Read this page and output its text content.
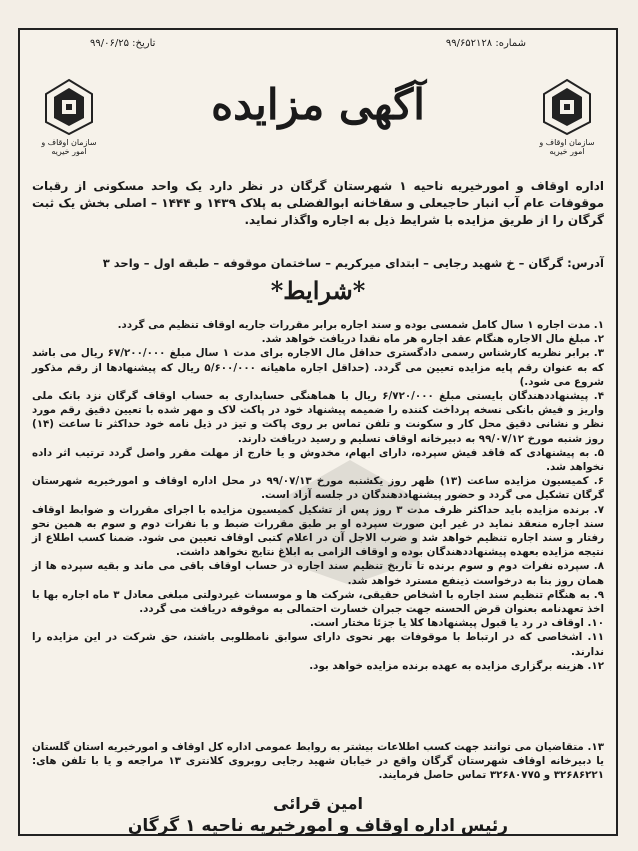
شماره: ۹۹/۶۵۲۱۲۸
تاریخ: ۹۹/۰۶/۲۵
سازمان اوقاف و امور خیریه
سازمان اوقاف و امور خیریه
آگهی مزایده
اداره اوقاف و امورخیریه ناحیه ۱ شهرستان گرگان در نظر دارد یک واحد مسکونی از رقبات موقوفات عام آب انبار حاجیعلی و سقاخانه ابوالفضلی به پلاک ۱۴۳۹ و ۱۴۴۴ – اصلی بخش یک ثبت گرگان را از طریق مزایده با شرایط ذیل به اجاره واگذار نماید.
آدرس: گرگان – خ شهید رجایی – ابتدای میرکریم – ساختمان موقوفه – طبقه اول – واحد ۳
*شرایط*

۱. مدت اجاره ۱ سال کامل شمسی بوده و سند اجاره برابر مقررات جاریه اوقاف تنظیم می گردد.

۲. مبلغ مال الاجاره هنگام عقد اجاره هر ماه نقدا دریافت خواهد شد.

۳. برابر نظریه کارشناس رسمی دادگستری حداقل مال الاجاره برای مدت ۱ سال مبلغ ۶۷/۲۰۰/۰۰۰ ریال می باشد که به عنوان رقم پایه مزایده تعیین می گردد. (حداقل اجاره ماهیانه ۵/۶۰۰/۰۰۰ ریال که پیشنهادها از رقم مذکور شروع می شود.)

۴. پیشنهاددهندگان بایستی مبلغ ۶/۷۲۰/۰۰۰ ریال با هماهنگی حسابداری به حساب اوقاف گرگان نزد بانک ملی واریز و فیش بانکی نسخه پرداخت کننده را ضمیمه پیشنهاد خود در پاکت لاک و مهر شده با تعیین دقیق رقم مورد نظر و نشانی دقیق محل کار و سکونت و تلفن تماس بر روی پاکت و تیز در ذیل نامه خود حداکثر تا ساعت (۱۴) روز شنبه مورخ ۹۹/۰۷/۱۲ به دبیرخانه اوقاف تسلیم و رسید دریافت دارند.

۵. به پیشنهادی که فاقد فیش سپرده، دارای ابهام، مخدوش و یا خارج از مهلت مقرر واصل گردد ترتیب اثر داده نخواهد شد.

۶. کمیسیون مزایده ساعت (۱۳) ظهر روز یکشنبه مورخ ۹۹/۰۷/۱۳ در محل اداره اوقاف و امورخیریه شهرستان گرگان تشکیل می گردد و حضور پیشنهاددهندگان در جلسه آزاد است.

۷. برنده مزایده باید حداکثر ظرف مدت ۳ روز پس از تشکیل کمیسیون مزایده با اجرای مقررات و ضوابط اوقاف سند اجاره منعقد نماید در غیر این صورت سپرده او بر طبق مقررات ضبط و با نفرات دوم و سوم به همین نحو رفتار و سند اجاره تنظیم خواهد شد و ضرب الاجل آن در اعلام کتبی اوقاف تعیین می شود. ضمنا کسب اطلاع از نتیجه مزایده بعهده پیشنهاددهندگان بوده و اوقاف الزامی به ابلاغ نتایج نخواهد داشت.

۸. سپرده نفرات دوم و سوم برنده تا تاریخ تنظیم سند اجاره در حساب اوقاف باقی می ماند و بقیه سپرده ها از همان روز بنا به درخواست ذینفع مسترد خواهد شد.

۹. به هنگام تنظیم سند اجاره با اشخاص حقیقی، شرکت ها و موسسات غیردولتی مبلغی معادل ۳ ماه اجاره بها با اخذ تعهدنامه بعنوان قرض الحسنه جهت جبران خسارت احتمالی به موقوفه دریافت می گردد.

۱۰. اوقاف در رد یا قبول پیشنهادها کلا یا جزئا مختار است.

۱۱. اشخاصی که در ارتباط با موقوفات بهر نحوی دارای سوابق نامطلوبی باشند، حق شرکت در این مزایده را ندارند.

۱۲. هزینه برگزاری مزایده به عهده برنده مزایده خواهد بود.

۱۳. متقاضیان می توانند جهت کسب اطلاعات بیشتر به روابط عمومی اداره کل اوقاف و امورخیریه استان گلستان یا دبیرخانه اوقاف شهرستان گرگان واقع در خیابان شهید رجایی روبروی کلانتری ۱۳ مراجعه و یا با تلفن های: ۳۲۶۸۶۲۲۱ و ۳۲۶۸۰۷۷۵ تماس حاصل فرمایند.
امین قرائی
رئیس اداره اوقاف و امورخیریه ناحیه ۱ گرگان
